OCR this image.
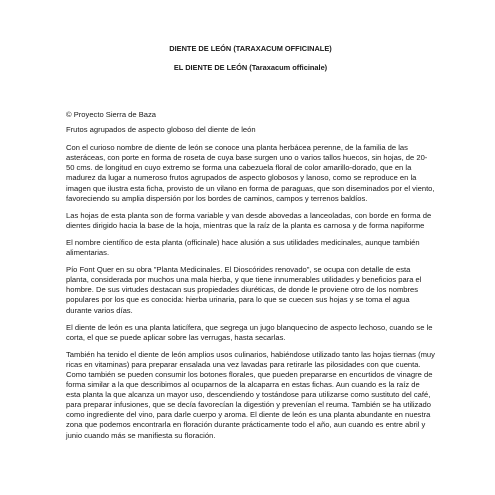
DIENTE DE LEÓN (TARAXACUM OFFICINALE)
EL DIENTE DE LEÓN (Taraxacum officinale)

© Proyecto Sierra de Baza

Frutos agrupados de aspecto globoso del diente de león

Con el curioso nombre de diente de león se conoce una planta herbácea perenne, de la familia de las asteráceas, con porte en forma de roseta de cuya base surgen uno o varios tallos huecos, sin hojas, de 20-50 cms. de longitud en cuyo extremo se forma una cabezuela floral de color amarillo-dorado, que en la madurez da lugar a numeroso frutos agrupados de aspecto globosos y lanoso, como se reproduce en la imagen que ilustra esta ficha, provisto de un vilano en forma de paraguas, que son diseminados por el viento, favoreciendo su amplia dispersión por los bordes de caminos, campos y terrenos baldíos.

Las hojas de esta planta son de forma variable y van desde abovedas a lanceoladas, con borde en forma de dientes dirigido hacia la base de la hoja, mientras que la raíz de la planta es carnosa y de forma napiforme

El nombre científico de esta planta (officinale) hace alusión a sus utilidades medicinales, aunque también alimentarias.

Pío Font Quer en su obra "Planta Medicinales. El Dioscórides renovado", se ocupa con detalle de esta planta, considerada por muchos una mala hierba, y que tiene innumerables utilidades y beneficios para el hombre. De sus virtudes destacan sus propiedades diuréticas, de donde le proviene otro de los nombres populares por los que es conocida: hierba urinaria, para lo que se cuecen sus hojas y se toma el agua durante varios días.

El diente de león es una planta laticífera, que segrega un jugo blanquecino de aspecto lechoso, cuando se le corta, el que se puede aplicar sobre las verrugas, hasta secarlas.

También ha tenido el diente de león amplios usos culinarios, habiéndose utilizado tanto las hojas tiernas (muy ricas en vitaminas) para preparar ensalada una vez lavadas para retirarle las pilosidades con que cuenta. Como también se pueden consumir los botones florales, que pueden prepararse en encurtidos de vinagre de forma similar a la que describimos al ocuparnos de la alcaparra en estas fichas. Aun cuando es la raíz de esta planta la que alcanza un mayor uso, descendiendo y tostándose para utilizarse como sustituto del café, para preparar infusiones, que se decía favorecían la digestión y prevenían el reuma. También se ha utilizado como ingrediente del vino, para darle cuerpo y aroma. El diente de león es una planta abundante en nuestra zona que podemos encontrarla en floración durante prácticamente todo el año, aun cuando es entre abril y junio cuando más se manifiesta su floración.
